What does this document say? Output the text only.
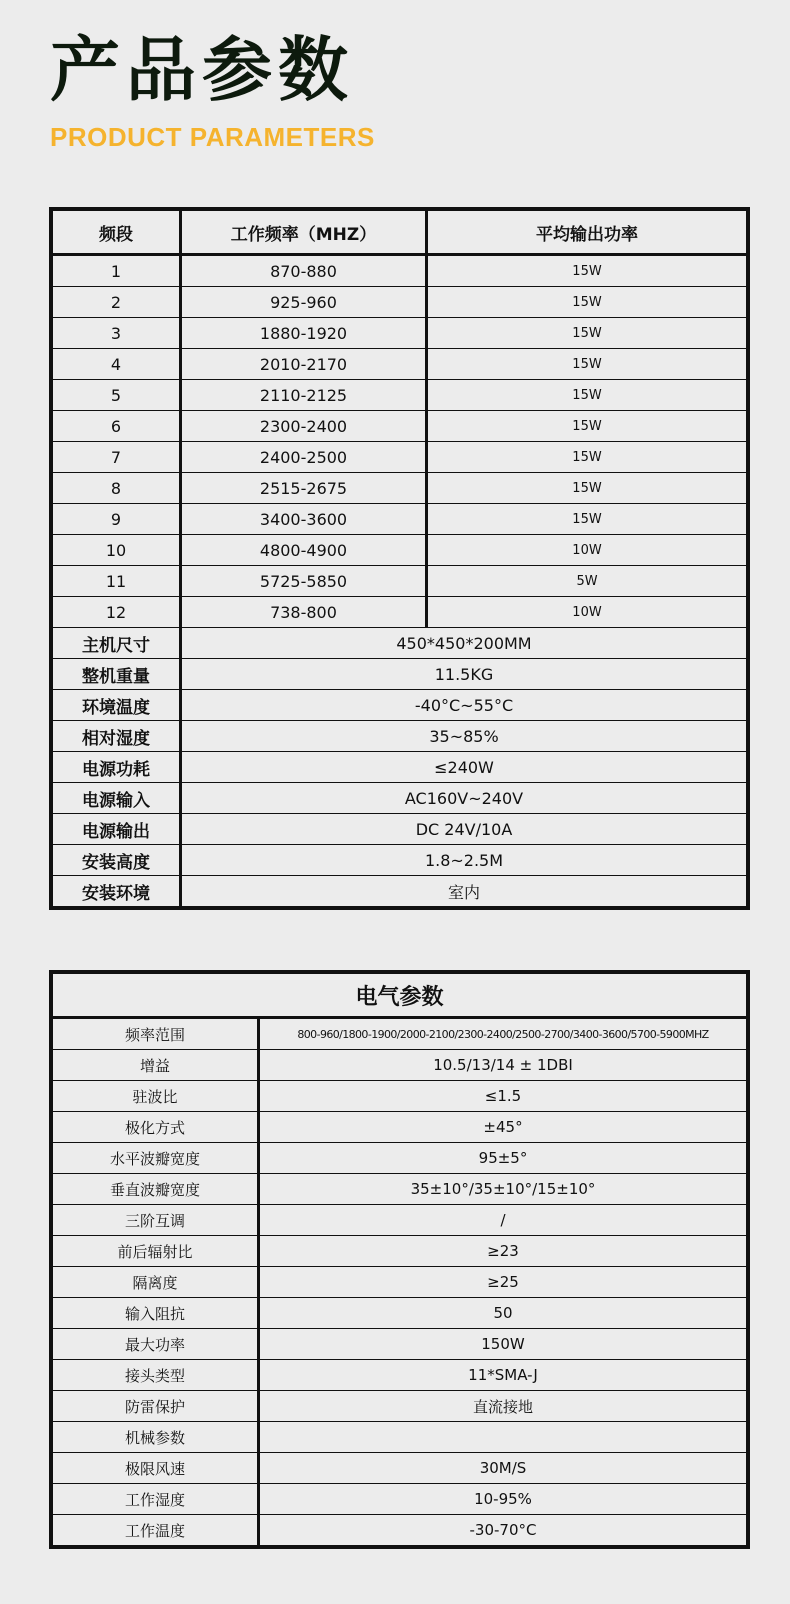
产品参数
PRODUCT PARAMETERS
频段	工作频率（MHZ）	平均输出功率
1	870-880	15W
2	925-960	15W
3	1880-1920	15W
4	2010-2170	15W
5	2110-2125	15W
6	2300-2400	15W
7	2400-2500	15W
8	2515-2675	15W
9	3400-3600	15W
10	4800-4900	10W
11	5725-5850	5W
12	738-800	10W
主机尺寸	450*450*200MM	
整机重量	11.5KG	
环境温度	-40°C~55°C	
相对湿度	35~85%	
电源功耗	≤240W	
电源输入	AC160V~240V	
电源输出	DC 24V/10A	
安装高度	1.8~2.5M	
安装环境	室内	
电气参数	
频率范围	800-960/1800-1900/2000-2100/2300-2400/2500-2700/3400-3600/5700-5900MHZ
增益	10.5/13/14 ± 1DBI
驻波比	≤1.5
极化方式	±45°
水平波瓣宽度	95±5°
垂直波瓣宽度	35±10°/35±10°/15±10°
三阶互调	/
前后辐射比	≥23
隔离度	≥25
输入阻抗	50
最大功率	150W
接头类型	11*SMA-J
防雷保护	直流接地
机械参数	
极限风速	30M/S
工作湿度	10-95%
工作温度	-30-70°C
